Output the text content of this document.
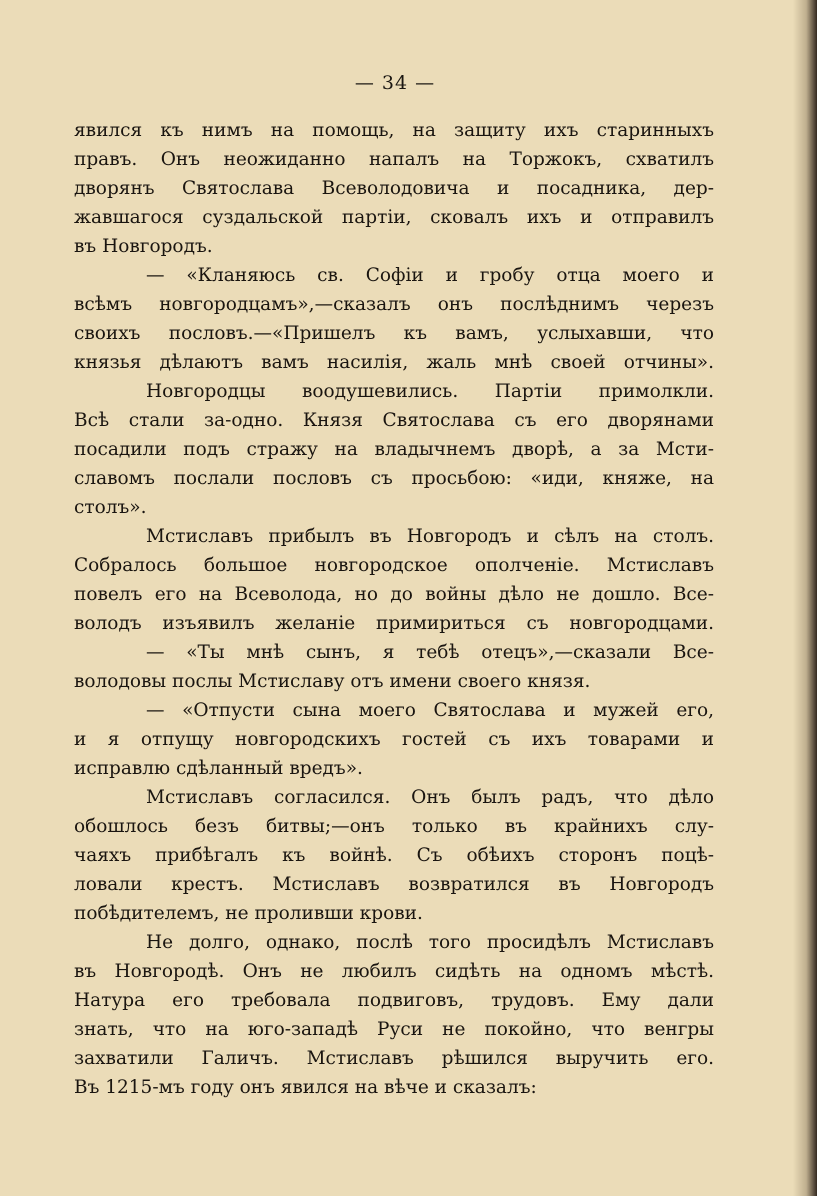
— 34 —
явился къ нимъ на помощь, на защиту ихъ старинныхъ
правъ. Онъ неожиданно напалъ на Торжокъ, схватилъ
дворянъ Святослава Всеволодовича и посадника, дер-
жавшагося суздальской партiи, сковалъ ихъ и отправилъ
въ Новгородъ.
— «Кланяюсь св. Софiи и гробу отца моего и
всѣмъ новгородцамъ»,—сказалъ онъ послѣднимъ черезъ
своихъ пословъ.—«Пришелъ къ вамъ, услыхавши, что
князья дѣлаютъ вамъ насилiя, жаль мнѣ своей отчины».
Новгородцы воодушевились. Партiи примолкли.
Всѣ стали за-одно. Князя Святослава съ его дворянами
посадили подъ стражу на владычнемъ дворѣ, а за Мсти-
славомъ послали пословъ съ просьбою: «иди, княже, на
столъ».
Мстиславъ прибылъ въ Новгородъ и сѣлъ на столъ.
Собралось большое новгородское ополченiе. Мстиславъ
повелъ его на Всеволода, но до войны дѣло не дошло. Все-
володъ изъявилъ желанiе примириться съ новгородцами.
— «Ты мнѣ сынъ, я тебѣ отецъ»,—сказали Все-
володовы послы Мстиславу отъ имени своего князя.
— «Отпусти сына моего Святослава и мужей его,
и я отпущу новгородскихъ гостей съ ихъ товарами и
исправлю сдѣланный вредъ».
Мстиславъ согласился. Онъ былъ радъ, что дѣло
обошлось безъ битвы;—онъ только въ крайнихъ слу-
чаяхъ прибѣгалъ къ войнѣ. Съ обѣихъ сторонъ поцѣ-
ловали крестъ. Мстиславъ возвратился въ Новгородъ
побѣдителемъ, не проливши крови.
Не долго, однако, послѣ того просидѣлъ Мстиславъ
въ Новгородѣ. Онъ не любилъ сидѣть на одномъ мѣстѣ.
Натура его требовала подвиговъ, трудовъ. Ему дали
знать, что на юго-западѣ Руси не покойно, что венгры
захватили Галичъ. Мстиславъ рѣшился выручить его.
Въ 1215-мъ году онъ явился на вѣче и сказалъ:
